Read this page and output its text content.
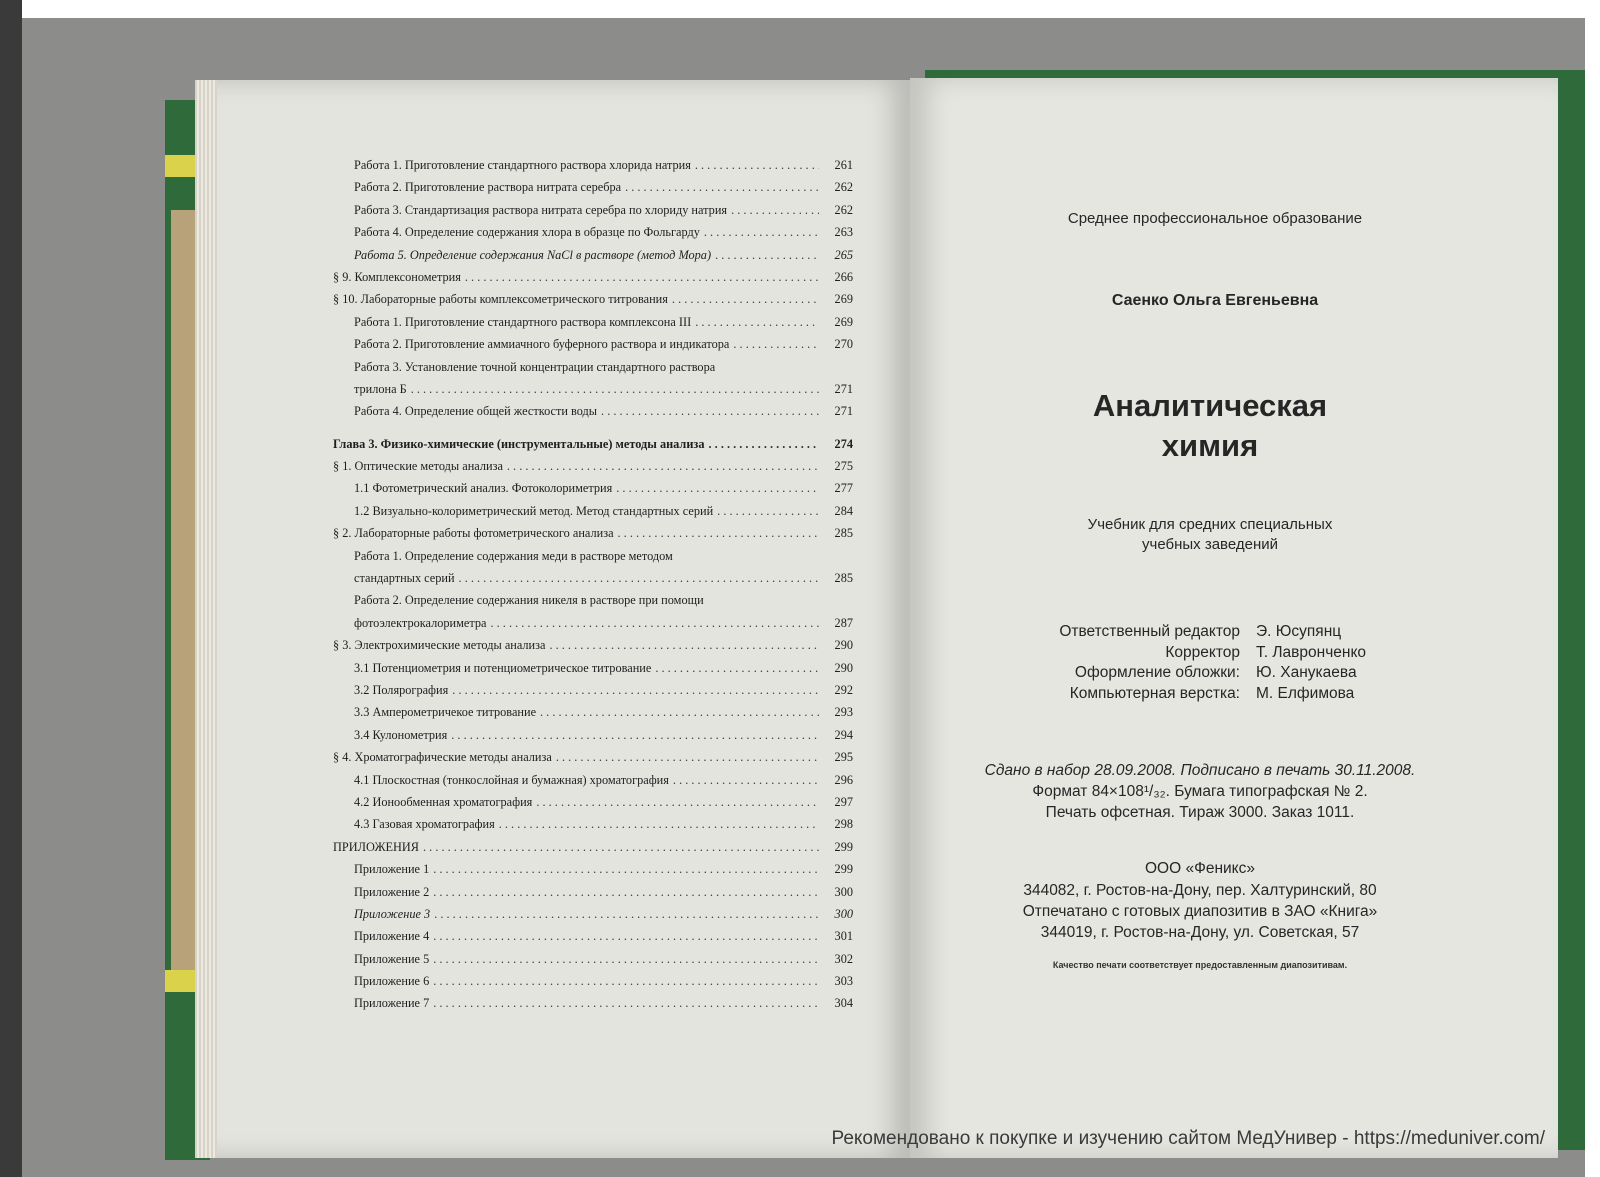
Работа 1. Приготовление стандартного раствора хлорида натрия . . .	261
Работа 2. Приготовление раствора нитрата серебра . . .	262
Работа 3. Стандартизация раствора нитрата серебра по хлориду натрия . . .	262
Работа 4. Определение содержания хлора в образце по Фольгарду . . .	263
Работа 5. Определение содержания NaCl в растворе (метод Мора) . . .	265
§ 9. Комплексонометрия . . .	266
§ 10. Лабораторные работы комплексометрического титрования . . .	269
Работа 1. Приготовление стандартного раствора комплексона III . . .	269
Работа 2. Приготовление аммиачного буферного раствора и индикатора . . .	270
Работа 3. Установление точной концентрации стандартного раствора
трилона Б . . .	271
Работа 4. Определение общей жесткости воды . . .	271
Глава 3. Физико-химические (инструментальные) методы анализа . . .	274
§ 1. Оптические методы анализа . . .	275
1.1 Фотометрический анализ. Фотоколориметрия . . .	277
1.2 Визуально-колориметрический метод. Метод стандартных серий . . .	284
§ 2. Лабораторные работы фотометрического анализа . . .	285
Работа 1. Определение содержания меди в растворе методом
стандартных серий . . .	285
Работа 2. Определение содержания никеля в растворе при помощи
фотоэлектрокалориметра . . .	287
§ 3. Электрохимические методы анализа . . .	290
3.1 Потенциометрия и потенциометрическое титрование . . .	290
3.2 Полярография . . .	292
3.3 Амперометричекое титрование . . .	293
3.4 Кулонометрия . . .	294
§ 4. Хроматографические методы анализа . . .	295
4.1 Плоскостная (тонкослойная и бумажная) хроматография . . .	296
4.2 Ионообменная хроматография . . .	297
4.3 Газовая хроматография . . .	298
ПРИЛОЖЕНИЯ . . .	299
Приложение 1 . . .	299
Приложение 2 . . .	300
Приложение 3 . . .	300
Приложение 4 . . .	301
Приложение 5 . . .	302
Приложение 6 . . .	303
Приложение 7 . . .	304
Среднее профессиональное образование
Саенко Ольга Евгеньевна
Аналитическая
химия
Учебник для средних специальных
учебных заведений
Ответственный редактор	Э. Юсупянц
Корректор	Т. Лавронченко
Оформление обложки:	Ю. Ханукаева
Компьютерная верстка:	М. Елфимова
Сдано в набор 28.09.2008. Подписано в печать 30.11.2008.
Формат 84×108¹/₃₂. Бумага типографская № 2.
Печать офсетная. Тираж 3000. Заказ 1011.
ООО «Феникс»
344082, г. Ростов-на-Дону, пер. Халтуринский, 80
Отпечатано с готовых диапозитив в ЗАО «Книга»
344019, г. Ростов-на-Дону, ул. Советская, 57
Качество печати соответствует предоставленным диапозитивам.
Рекомендовано к покупке и изучению сайтом МедУнивер - https://meduniver.com/
